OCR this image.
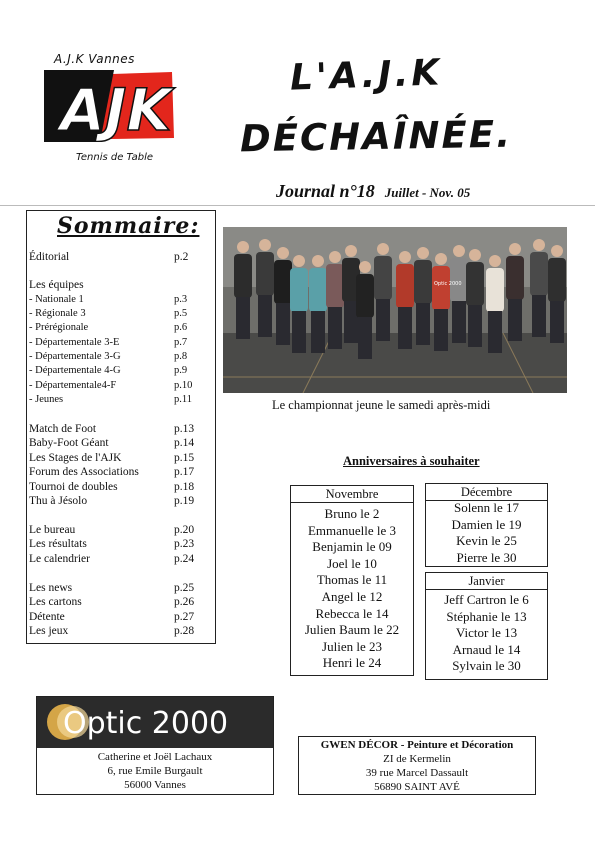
A.J.K Vannes
AJK
Tennis de Table
L'A.J.K
DÉCHAÎNÉE.
Journal n°18 Juillet - Nov. 05
Sommaire:
Éditorial	p.2
Les équipes
- Nationale 1	p.3
- Régionale 3	p.5
- Prérégionale	p.6
- Départementale 3-E	p.7
- Départementale 3-G	p.8
- Départementale 4-G	p.9
- Départementale4-F	p.10
- Jeunes	p.11
Match de Foot	p.13
Baby-Foot Géant	p.14
Les Stages de l'AJK	p.15
Forum des Associations	p.17
Tournoi de doubles	p.18
Thu à Jésolo	p.19
Le bureau	p.20
Les résultats	p.23
Le calendrier	p.24
Les news	p.25
Les cartons	p.26
Détente	p.27
Les jeux	p.28
Optic 2000
Le championnat jeune le samedi après-midi
Anniversaires à souhaiter
Novembre
Bruno le 2
Emmanuelle le 3
Benjamin le 09
Joel le 10
Thomas le 11
Angel le 12
Rebecca le 14
Julien Baum le 22
Julien le 23
Henri le 24
Décembre
Solenn le 17
Damien le 19
Kevin le 25
Pierre le 30
Janvier
Jeff Cartron le 6
Stéphanie le 13
Victor le 13
Arnaud le 14
Sylvain le 30
Optic 2000
Catherine et Joël Lachaux
6, rue Emile Burgault
56000 Vannes
GWEN DÉCOR - Peinture et Décoration
ZI de Kermelin
39 rue Marcel Dassault
56890 SAINT AVÉ
